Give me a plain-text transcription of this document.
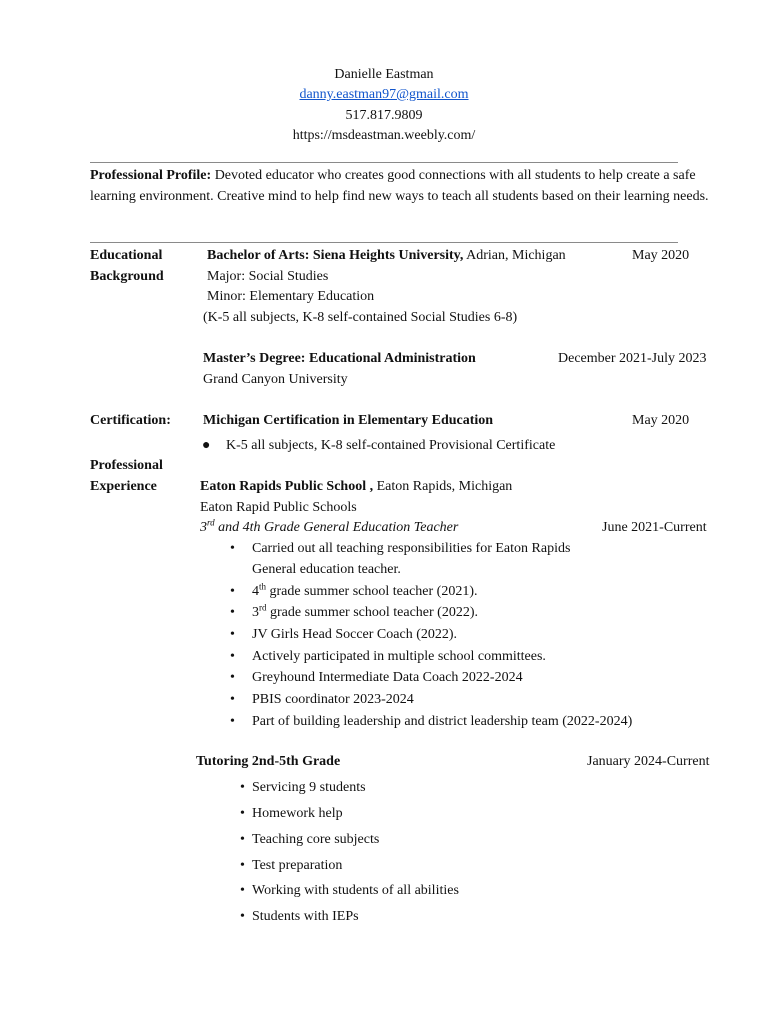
Danielle Eastman
danny.eastman97@gmail.com
517.817.9809
https://msdeastman.weebly.com/
Professional Profile: Devoted educator who creates good connections with all students to help create a safe learning environment. Creative mind to help find new ways to teach all students based on their learning needs.
Educational
Background
Bachelor of Arts: Siena Heights University, Adrian, Michigan	May 2020
Major: Social Studies
Minor: Elementary Education
(K-5 all subjects, K-8 self-contained Social Studies 6-8)
Master’s Degree: Educational Administration	December 2021-July 2023
Grand Canyon University
Certification: Michigan Certification in Elementary Education	May 2020
● K-5 all subjects, K-8 self-contained Provisional Certificate
Professional
Experience	Eaton Rapids Public School , Eaton Rapids, Michigan
Eaton Rapid Public Schools
3rd and 4th Grade General Education Teacher	June 2021-Current
• Carried out all teaching responsibilities for Eaton Rapids
General education teacher.
• 4th grade summer school teacher (2021).
• 3rd grade summer school teacher (2022).
• JV Girls Head Soccer Coach (2022).
• Actively participated in multiple school committees.
• Greyhound Intermediate Data Coach 2022-2024
• PBIS coordinator 2023-2024
• Part of building leadership and district leadership team (2022-2024)
Tutoring 2nd-5th Grade	January 2024-Current
• Servicing 9 students
• Homework help
• Teaching core subjects
• Test preparation
• Working with students of all abilities
• Students with IEPs
